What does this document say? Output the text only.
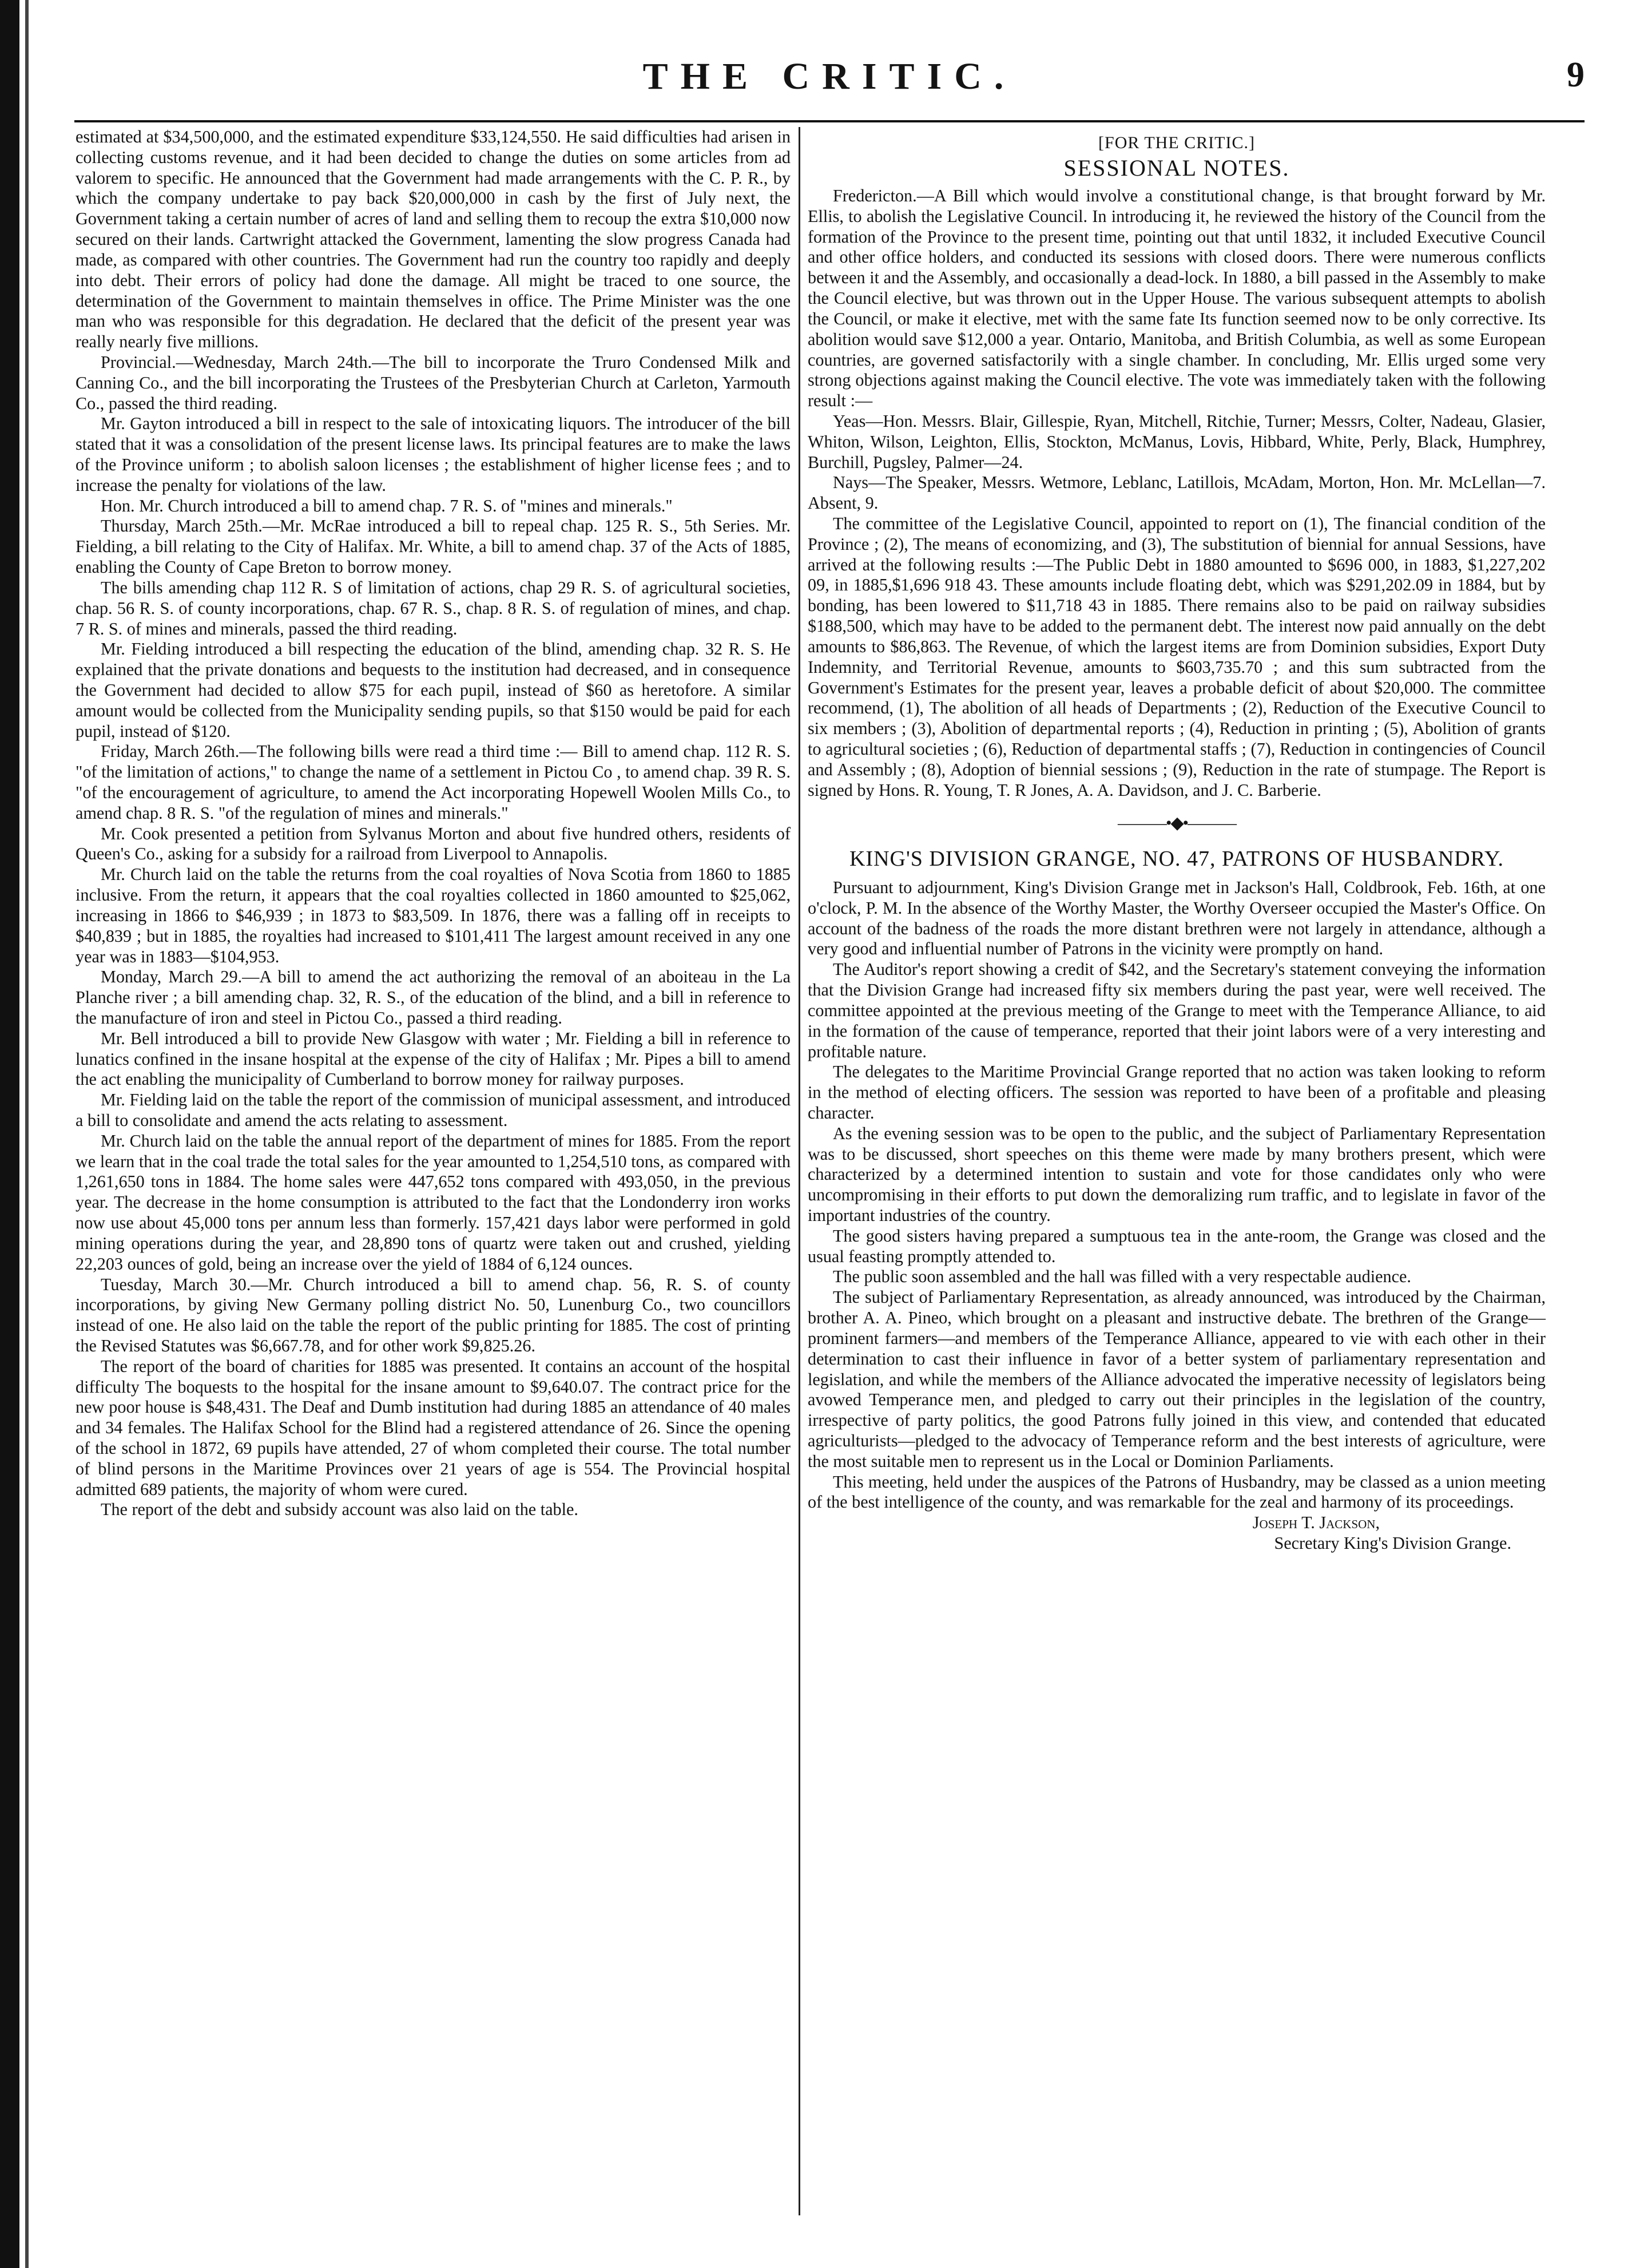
THE CRITIC.	9

estimated at $34,500,000, and the estimated expenditure $33,124,550. He said difficulties had arisen in collecting customs revenue, and it had been decided to change the duties on some articles from ad valorem to specific. He announced that the Government had made arrangements with the C. P. R., by which the company undertake to pay back $20,000,000 in cash by the first of July next, the Government taking a certain number of acres of land and selling them to recoup the extra $10,000 now secured on their lands. Cartwright attacked the Government, lamenting the slow progress Canada had made, as compared with other countries. The Government had run the country too rapidly and deeply into debt. Their errors of policy had done the damage. All might be traced to one source, the determination of the Government to maintain themselves in office. The Prime Minister was the one man who was responsible for this degradation. He declared that the deficit of the present year was really nearly five millions.

Provincial.—Wednesday, March 24th.—The bill to incorporate the Truro Condensed Milk and Canning Co., and the bill incorporating the Trustees of the Presbyterian Church at Carleton, Yarmouth Co., passed the third reading.

Mr. Gayton introduced a bill in respect to the sale of intoxicating liquors. The introducer of the bill stated that it was a consolidation of the present license laws. Its principal features are to make the laws of the Province uniform ; to abolish saloon licenses ; the establishment of higher license fees ; and to increase the penalty for violations of the law.

Hon. Mr. Church introduced a bill to amend chap. 7 R. S. of "mines and minerals."

Thursday, March 25th.—Mr. McRae introduced a bill to repeal chap. 125 R. S., 5th Series. Mr. Fielding, a bill relating to the City of Halifax. Mr. White, a bill to amend chap. 37 of the Acts of 1885, enabling the County of Cape Breton to borrow money.

The bills amending chap 112 R. S of limitation of actions, chap 29 R. S. of agricultural societies, chap. 56 R. S. of county incorporations, chap. 67 R. S., chap. 8 R. S. of regulation of mines, and chap. 7 R. S. of mines and minerals, passed the third reading.

Mr. Fielding introduced a bill respecting the education of the blind, amending chap. 32 R. S. He explained that the private donations and bequests to the institution had decreased, and in consequence the Government had decided to allow $75 for each pupil, instead of $60 as heretofore. A similar amount would be collected from the Municipality sending pupils, so that $150 would be paid for each pupil, instead of $120.

Friday, March 26th.—The following bills were read a third time :— Bill to amend chap. 112 R. S. "of the limitation of actions," to change the name of a settlement in Pictou Co , to amend chap. 39 R. S. "of the encouragement of agriculture, to amend the Act incorporating Hopewell Woolen Mills Co., to amend chap. 8 R. S. "of the regulation of mines and minerals."

Mr. Cook presented a petition from Sylvanus Morton and about five hundred others, residents of Queen's Co., asking for a subsidy for a railroad from Liverpool to Annapolis.

Mr. Church laid on the table the returns from the coal royalties of Nova Scotia from 1860 to 1885 inclusive. From the return, it appears that the coal royalties collected in 1860 amounted to $25,062, increasing in 1866 to $46,939 ; in 1873 to $83,509. In 1876, there was a falling off in receipts to $40,839 ; but in 1885, the royalties had increased to $101,411 The largest amount received in any one year was in 1883—$104,953.

Monday, March 29.—A bill to amend the act authorizing the removal of an aboiteau in the La Planche river ; a bill amending chap. 32, R. S., of the education of the blind, and a bill in reference to the manufacture of iron and steel in Pictou Co., passed a third reading.

Mr. Bell introduced a bill to provide New Glasgow with water ; Mr. Fielding a bill in reference to lunatics confined in the insane hospital at the expense of the city of Halifax ; Mr. Pipes a bill to amend the act enabling the municipality of Cumberland to borrow money for railway purposes.

Mr. Fielding laid on the table the report of the commission of municipal assessment, and introduced a bill to consolidate and amend the acts relating to assessment.

Mr. Church laid on the table the annual report of the department of mines for 1885. From the report we learn that in the coal trade the total sales for the year amounted to 1,254,510 tons, as compared with 1,261,650 tons in 1884. The home sales were 447,652 tons compared with 493,050, in the previous year. The decrease in the home consumption is attributed to the fact that the Londonderry iron works now use about 45,000 tons per annum less than formerly. 157,421 days labor were performed in gold mining operations during the year, and 28,890 tons of quartz were taken out and crushed, yielding 22,203 ounces of gold, being an increase over the yield of 1884 of 6,124 ounces.

Tuesday, March 30.—Mr. Church introduced a bill to amend chap. 56, R. S. of county incorporations, by giving New Germany polling district No. 50, Lunenburg Co., two councillors instead of one. He also laid on the table the report of the public printing for 1885. The cost of printing the Revised Statutes was $6,667.78, and for other work $9,825.26.

The report of the board of charities for 1885 was presented. It contains an account of the hospital difficulty The boquests to the hospital for the insane amount to $9,640.07. The contract price for the new poor house is $48,431. The Deaf and Dumb institution had during 1885 an attendance of 40 males and 34 females. The Halifax School for the Blind had a registered attendance of 26. Since the opening of the school in 1872, 69 pupils have attended, 27 of whom completed their course. The total number of blind persons in the Maritime Provinces over 21 years of age is 554. The Provincial hospital admitted 689 patients, the majority of whom were cured.

The report of the debt and subsidy account was also laid on the table.

[FOR THE CRITIC.]

SESSIONAL NOTES.

Fredericton.—A Bill which would involve a constitutional change, is that brought forward by Mr. Ellis, to abolish the Legislative Council. In introducing it, he reviewed the history of the Council from the formation of the Province to the present time, pointing out that until 1832, it included Executive Council and other office holders, and conducted its sessions with closed doors. There were numerous conflicts between it and the Assembly, and occasionally a dead-lock. In 1880, a bill passed in the Assembly to make the Council elective, but was thrown out in the Upper House. The various subsequent attempts to abolish the Council, or make it elective, met with the same fate Its function seemed now to be only corrective. Its abolition would save $12,000 a year. Ontario, Manitoba, and British Columbia, as well as some European countries, are governed satisfactorily with a single chamber. In concluding, Mr. Ellis urged some very strong objections against making the Council elective. The vote was immediately taken with the following result :—

Yeas—Hon. Messrs. Blair, Gillespie, Ryan, Mitchell, Ritchie, Turner; Messrs, Colter, Nadeau, Glasier, Whiton, Wilson, Leighton, Ellis, Stockton, McManus, Lovis, Hibbard, White, Perly, Black, Humphrey, Burchill, Pugsley, Palmer—24.

Nays—The Speaker, Messrs. Wetmore, Leblanc, Latillois, McAdam, Morton, Hon. Mr. McLellan—7. Absent, 9.

The committee of the Legislative Council, appointed to report on (1), The financial condition of the Province ; (2), The means of economizing, and (3), The substitution of biennial for annual Sessions, have arrived at the following results :—The Public Debt in 1880 amounted to $696 000, in 1883, $1,227,202 09, in 1885,$1,696 918 43. These amounts include floating debt, which was $291,202.09 in 1884, but by bonding, has been lowered to $11,718 43 in 1885. There remains also to be paid on railway subsidies $188,500, which may have to be added to the permanent debt. The interest now paid annually on the debt amounts to $86,863. The Revenue, of which the largest items are from Dominion subsidies, Export Duty Indemnity, and Territorial Revenue, amounts to $603,735.70 ; and this sum subtracted from the Government's Estimates for the present year, leaves a probable deficit of about $20,000. The committee recommend, (1), The abolition of all heads of Departments ; (2), Reduction of the Executive Council to six members ; (3), Abolition of departmental reports ; (4), Reduction in printing ; (5), Abolition of grants to agricultural societies ; (6), Reduction of departmental staffs ; (7), Reduction in contingencies of Council and Assembly ; (8), Adoption of biennial sessions ; (9), Reduction in the rate of stumpage. The Report is signed by Hons. R. Young, T. R Jones, A. A. Davidson, and J. C. Barberie.

———•◆•———

KING'S DIVISION GRANGE, NO. 47, PATRONS OF HUSBANDRY.

Pursuant to adjournment, King's Division Grange met in Jackson's Hall, Coldbrook, Feb. 16th, at one o'clock, P. M. In the absence of the Worthy Master, the Worthy Overseer occupied the Master's Office. On account of the badness of the roads the more distant brethren were not largely in attendance, although a very good and influential number of Patrons in the vicinity were promptly on hand.

The Auditor's report showing a credit of $42, and the Secretary's statement conveying the information that the Division Grange had increased fifty six members during the past year, were well received. The committee appointed at the previous meeting of the Grange to meet with the Temperance Alliance, to aid in the formation of the cause of temperance, reported that their joint labors were of a very interesting and profitable nature.

The delegates to the Maritime Provincial Grange reported that no action was taken looking to reform in the method of electing officers. The session was reported to have been of a profitable and pleasing character.

As the evening session was to be open to the public, and the subject of Parliamentary Representation was to be discussed, short speeches on this theme were made by many brothers present, which were characterized by a determined intention to sustain and vote for those candidates only who were uncompromising in their efforts to put down the demoralizing rum traffic, and to legislate in favor of the important industries of the country.

The good sisters having prepared a sumptuous tea in the ante-room, the Grange was closed and the usual feasting promptly attended to.

The public soon assembled and the hall was filled with a very respectable audience.

The subject of Parliamentary Representation, as already announced, was introduced by the Chairman, brother A. A. Pineo, which brought on a pleasant and instructive debate. The brethren of the Grange—prominent farmers—and members of the Temperance Alliance, appeared to vie with each other in their determination to cast their influence in favor of a better system of parliamentary representation and legislation, and while the members of the Alliance advocated the imperative necessity of legislators being avowed Temperance men, and pledged to carry out their principles in the legislation of the country, irrespective of party politics, the good Patrons fully joined in this view, and contended that educated agriculturists—pledged to the advocacy of Temperance reform and the best interests of agriculture, were the most suitable men to represent us in the Local or Dominion Parliaments.

This meeting, held under the auspices of the Patrons of Husbandry, may be classed as a union meeting of the best intelligence of the county, and was remarkable for the zeal and harmony of its proceedings.

Joseph T. Jackson,

Secretary King's Division Grange.
